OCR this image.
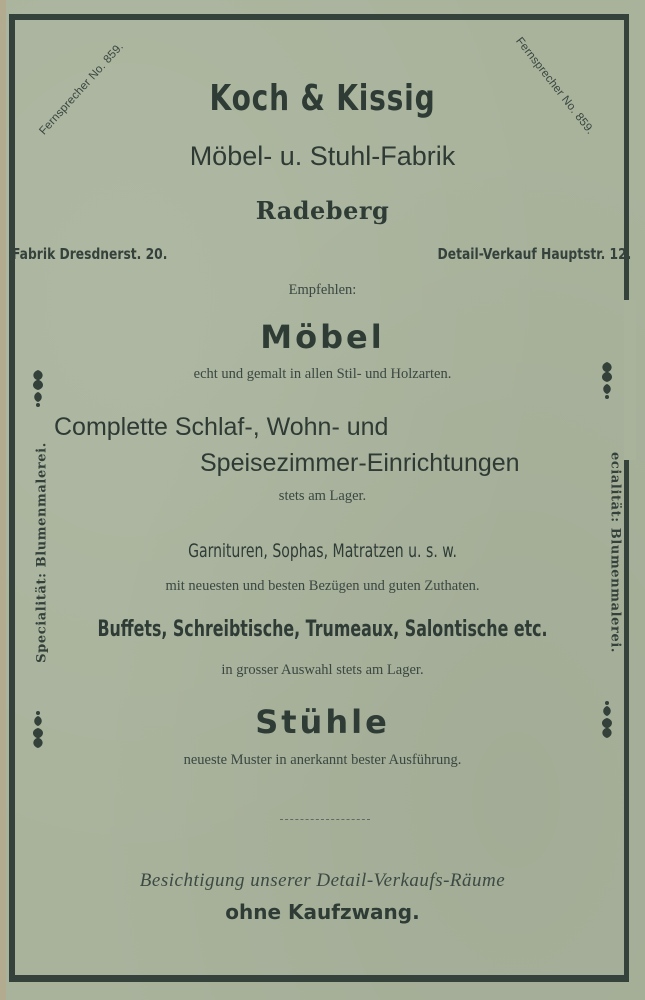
Fernsprecher No. 859.	Fernsprecher No. 859.
Koch & Kissig
Möbel- u. Stuhl-Fabrik
Radeberg
Fabrik Dresdnerst. 20.	Detail-Verkauf Hauptstr. 12.
Empfehlen:
Möbel
echt und gemalt in allen Stil- und Holzarten.
Complette Schlaf-, Wohn- und
Speisezimmer-Einrichtungen
stets am Lager.
Garnituren, Sophas, Matratzen u. s. w.
mit neuesten und besten Bezügen und guten Zuthaten.
Buffets, Schreibtische, Trumeaux, Salontische etc.
in grosser Auswahl stets am Lager.
Stühle
neueste Muster in anerkannt bester Ausführung.
Besichtigung unserer Detail-Verkaufs-Räume
ohne Kaufzwang.
Specialität: Blumenmalerei.	ecialität: Blumenmalerei.
